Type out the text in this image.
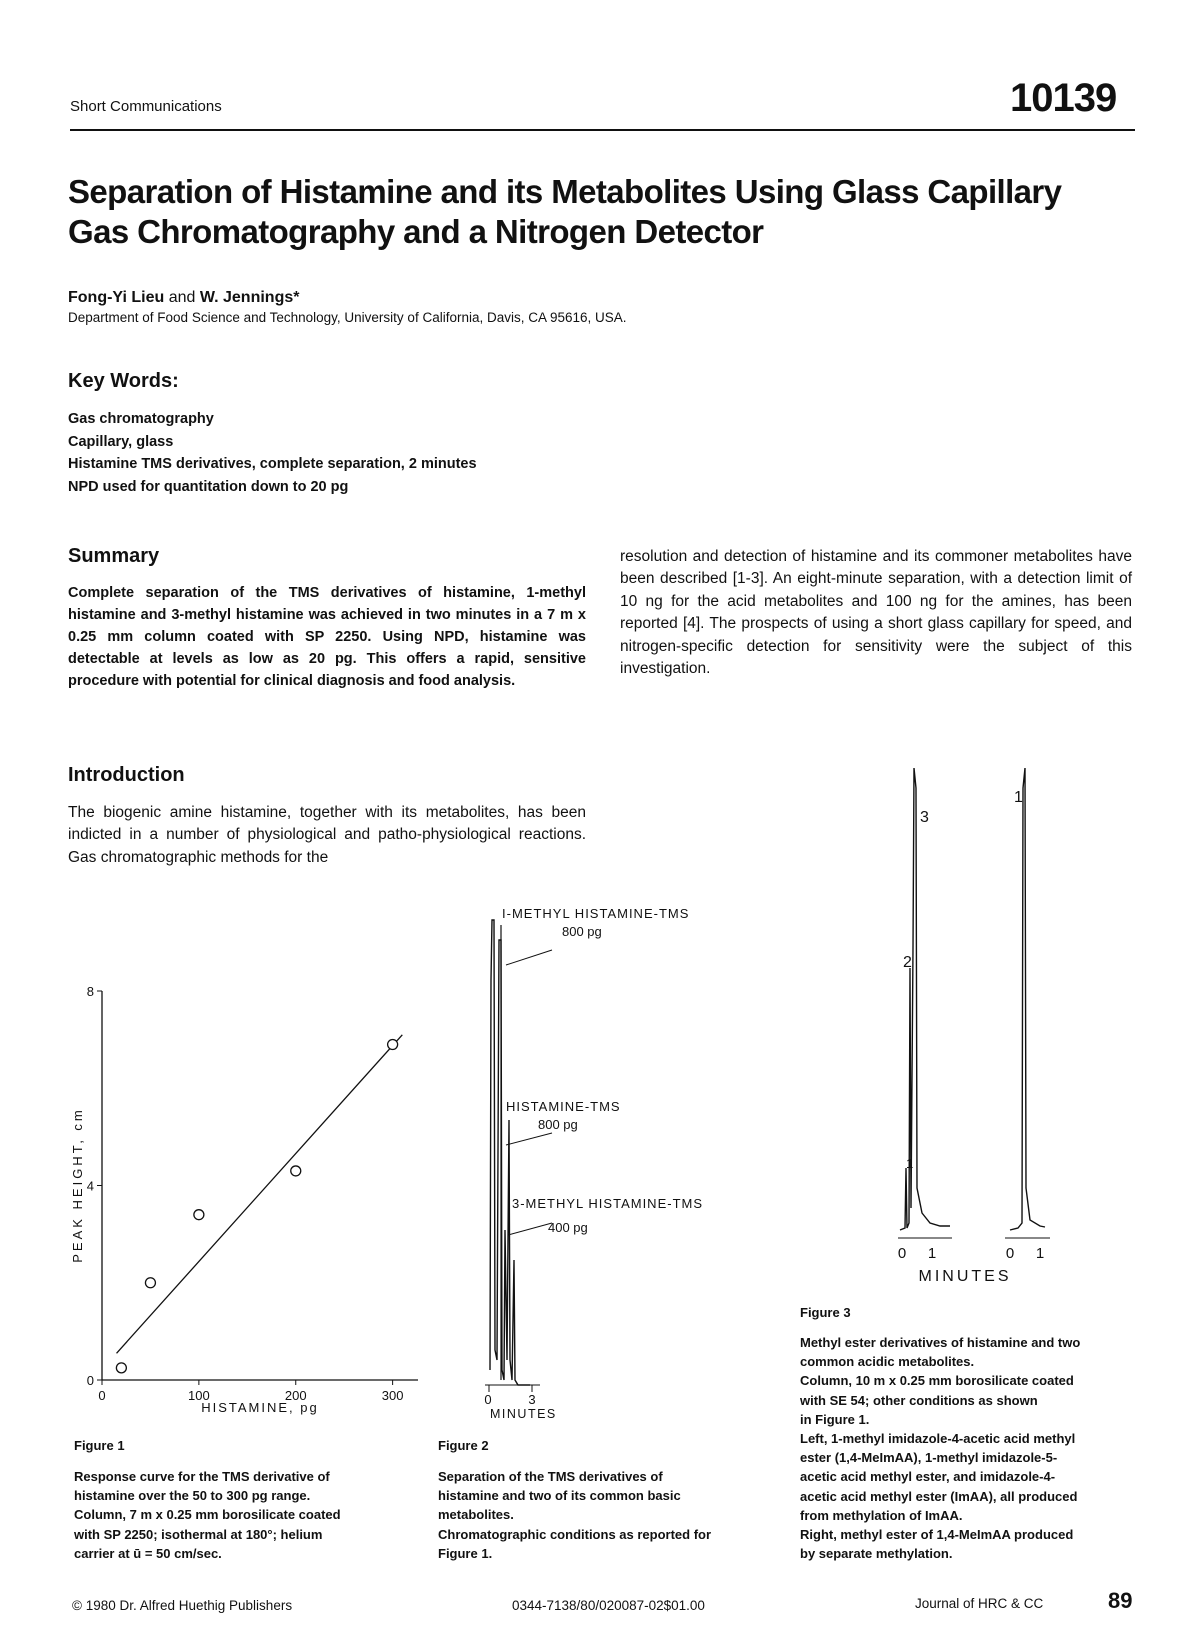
Short Communications	10139
Separation of Histamine and its Metabolites Using Glass Capillary
Gas Chromatography and a Nitrogen Detector
Fong-Yi Lieu and W. Jennings*
Department of Food Science and Technology, University of California, Davis, CA 95616, USA.
Key Words:
Gas chromatography
Capillary, glass
Histamine TMS derivatives, complete separation, 2 minutes
NPD used for quantitation down to 20 pg
Summary
Complete separation of the TMS derivatives of histamine, 1-methyl histamine and 3-methyl histamine was achieved in two minutes in a 7 m x 0.25 mm column coated with SP 2250. Using NPD, histamine was detectable at levels as low as 20 pg. This offers a rapid, sensitive procedure with potential for clinical diagnosis and food analysis.
resolution and detection of histamine and its commoner metabolites have been described [1-3]. An eight-minute separation, with a detection limit of 10 ng for the acid metabolites and 100 ng for the amines, has been reported [4]. The prospects of using a short glass capillary for speed, and nitrogen-specific detection for sensitivity were the subject of this investigation.
Introduction
The biogenic amine histamine, together with its metabolites, has been indicted in a number of physiological and patho-physiological reactions. Gas chromatographic methods for the
0
4
8
0	100	200	300
PEAK HEIGHT, cm
HISTAMINE, pg
I-METHYL HISTAMINE-TMS
800 pg
HISTAMINE-TMS
800 pg
3-METHYL HISTAMINE-TMS
400 pg
0	3
MINUTES
1
2
3
1
0 1	0 1
MINUTES
Figure 1
Response curve for the TMS derivative of
histamine over the 50 to 300 pg range.
Column, 7 m x 0.25 mm borosilicate coated
with SP 2250; isothermal at 180°; helium
carrier at ū = 50 cm/sec.
Figure 2
Separation of the TMS derivatives of
histamine and two of its common basic
metabolites.
Chromatographic conditions as reported for
Figure 1.
Figure 3
Methyl ester derivatives of histamine and two
common acidic metabolites.
Column, 10 m x 0.25 mm borosilicate coated
with SE 54; other conditions as shown
in Figure 1.
Left, 1-methyl imidazole-4-acetic acid methyl
ester (1,4-MeImAA), 1-methyl imidazole-5-
acetic acid methyl ester, and imidazole-4-
acetic acid methyl ester (ImAA), all produced
from methylation of ImAA.
Right, methyl ester of 1,4-MeImAA produced
by separate methylation.
© 1980 Dr. Alfred Huethig Publishers	0344-7138/80/020087-02$01.00	Journal of HRC & CC	89
